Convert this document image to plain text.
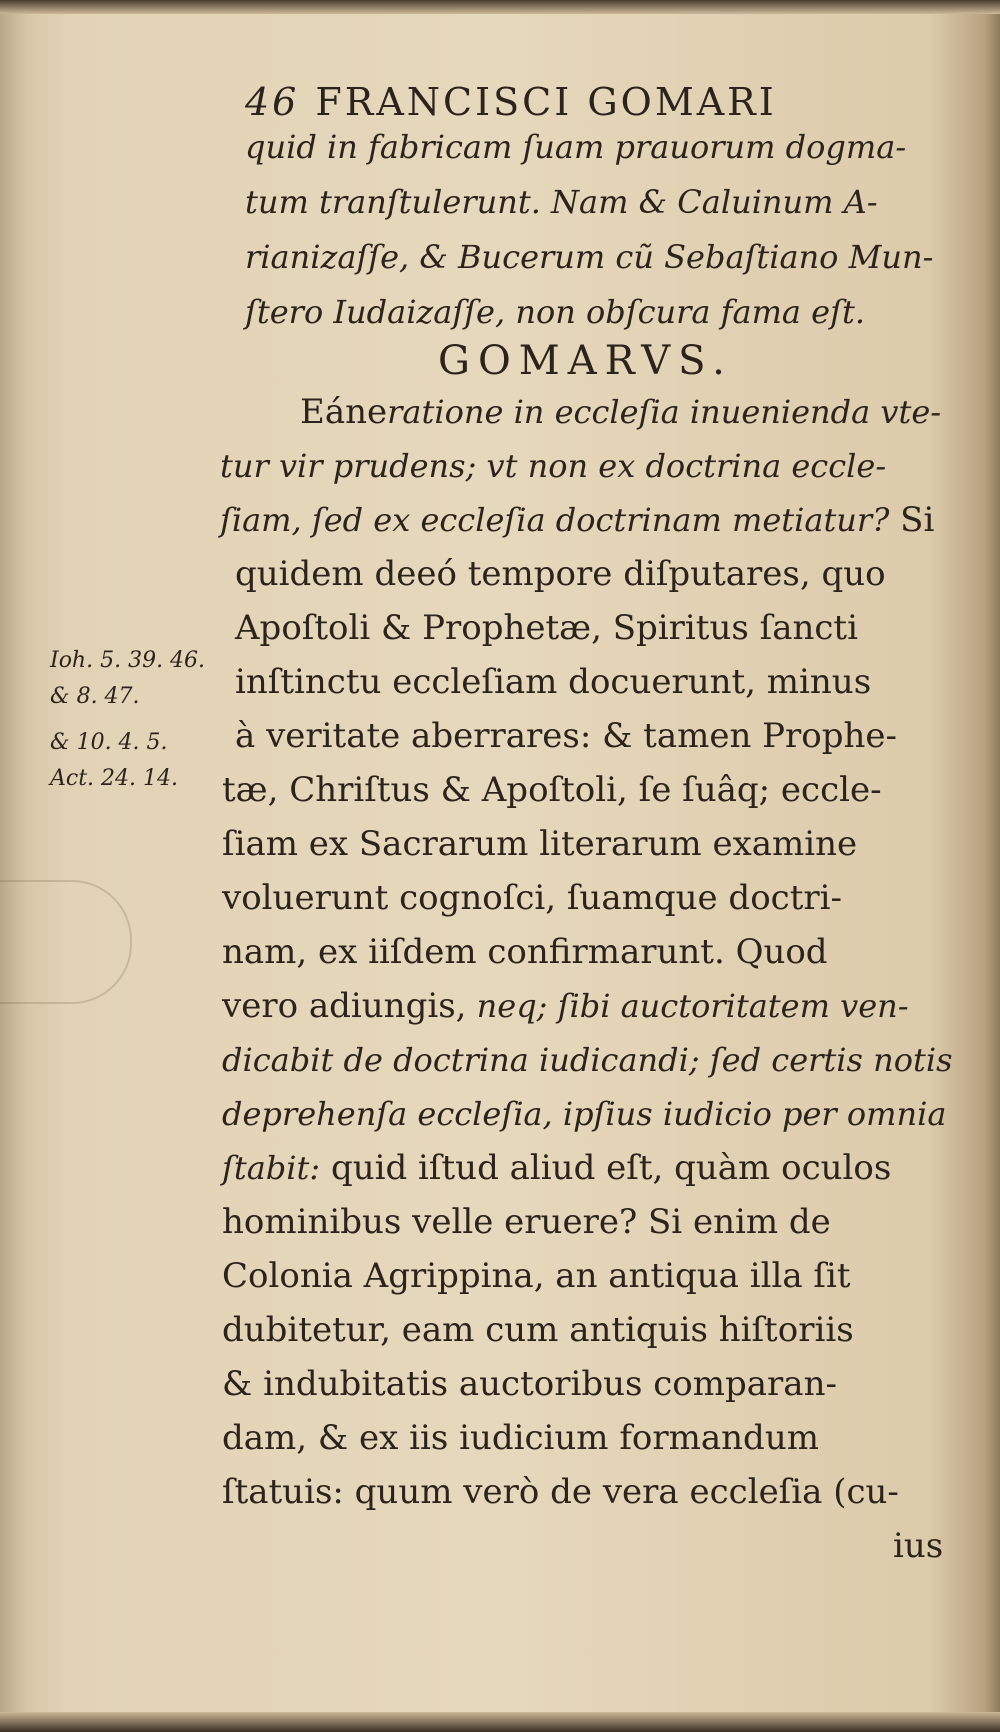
46 FRANCISCI GOMARI
quid in fabricam ſuam prauorum dogma-
tum tranſtulerunt. Nam & Caluinum A-
rianizaſſe, & Bucerum cũ Sebaſtiano Mun-
ſtero Iudaizaſſe, non obſcura fama eſt.
GOMARVS.
Eáneratione in eccleſia inuenienda vte-
tur vir prudens; vt non ex doctrina eccle-
ſiam, ſed ex eccleſia doctrinam metiatur? Si
quidem deeó tempore diſputares, quo
Apoſtoli & Prophetæ, Spiritus ſancti
inſtinctu eccleſiam docuerunt, minus
à veritate aberrares: & tamen Prophe-
tæ, Chriſtus & Apoſtoli, ſe ſuâq; eccle-
ſiam ex Sacrarum literarum examine
voluerunt cognoſci, ſuamque doctri-
nam, ex iiſdem confirmarunt. Quod
vero adiungis, neq; ſibi auctoritatem ven-
dicabit de doctrina iudicandi; ſed certis notis
deprehenſa eccleſia, ipſius iudicio per omnia
ſtabit: quid iſtud aliud eſt, quàm oculos
hominibus velle eruere? Si enim de
Colonia Agrippina, an antiqua illa ſit
dubitetur, eam cum antiquis hiſtoriis
& indubitatis auctoribus comparan-
dam, & ex iis iudicium formandum
ſtatuis: quum verò de vera eccleſia (cu-
ius
Ioh. 5. 39. 46.
& 8. 47.
& 10. 4. 5.
Act. 24. 14.
